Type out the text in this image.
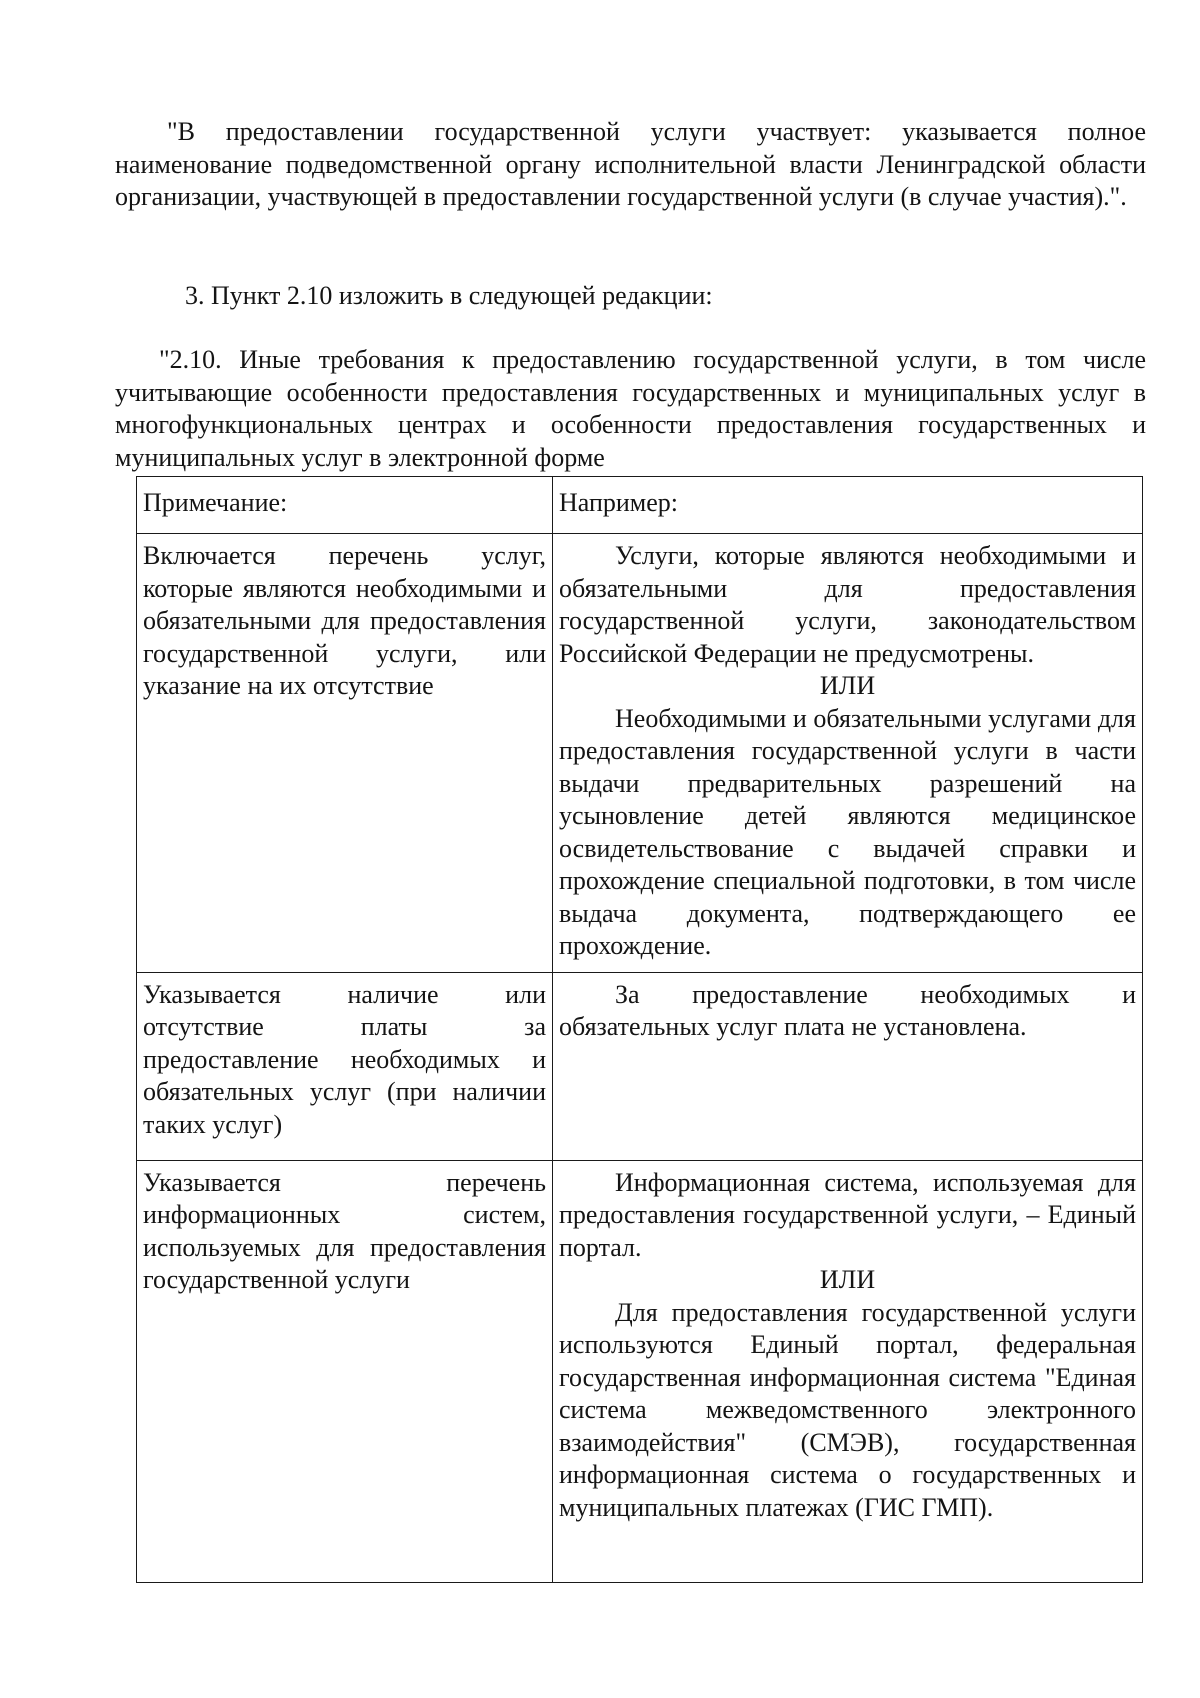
"В предоставлении государственной услуги участвует: указывается полное наименование подведомственной органу исполнительной власти Ленинградской области организации, участвующей в предоставлении государственной услуги (в случае участия).".

3. Пункт 2.10 изложить в следующей редакции:

"2.10. Иные требования к предоставлению государственной услуги, в том числе учитывающие особенности предоставления государственных и муниципальных услуг в многофункциональных центрах и особенности предоставления государственных и муниципальных услуг в электронной форме

Примечание:	Например:

Включается перечень услуг, которые являются необходимыми и обязательными для предоставления государственной услуги, или указание на их отсутствие	Услуги, которые являются необходимыми и обязательными для предоставления государственной услуги, законодательством Российской Федерации не предусмотрены.

ИЛИ

Необходимыми и обязательными услугами для предоставления государственной услуги в части выдачи предварительных разрешений на усыновление детей являются медицинское освидетельствование с выдачей справки и прохождение специальной подготовки, в том числе выдача документа, подтверждающего ее прохождение.

Указывается наличие или отсутствие платы за предоставление необходимых и обязательных услуг (при наличии таких услуг)	За предоставление необходимых и обязательных услуг плата не установлена.

Указывается перечень информационных систем, используемых для предоставления государственной услуги	Информационная система, используемая для предоставления государственной услуги, – Единый портал.

ИЛИ

Для предоставления государственной услуги используются Единый портал, федеральная государственная информационная система "Единая система межведомственного электронного взаимодействия" (СМЭВ), государственная информационная система о государственных и муниципальных платежах (ГИС ГМП).
